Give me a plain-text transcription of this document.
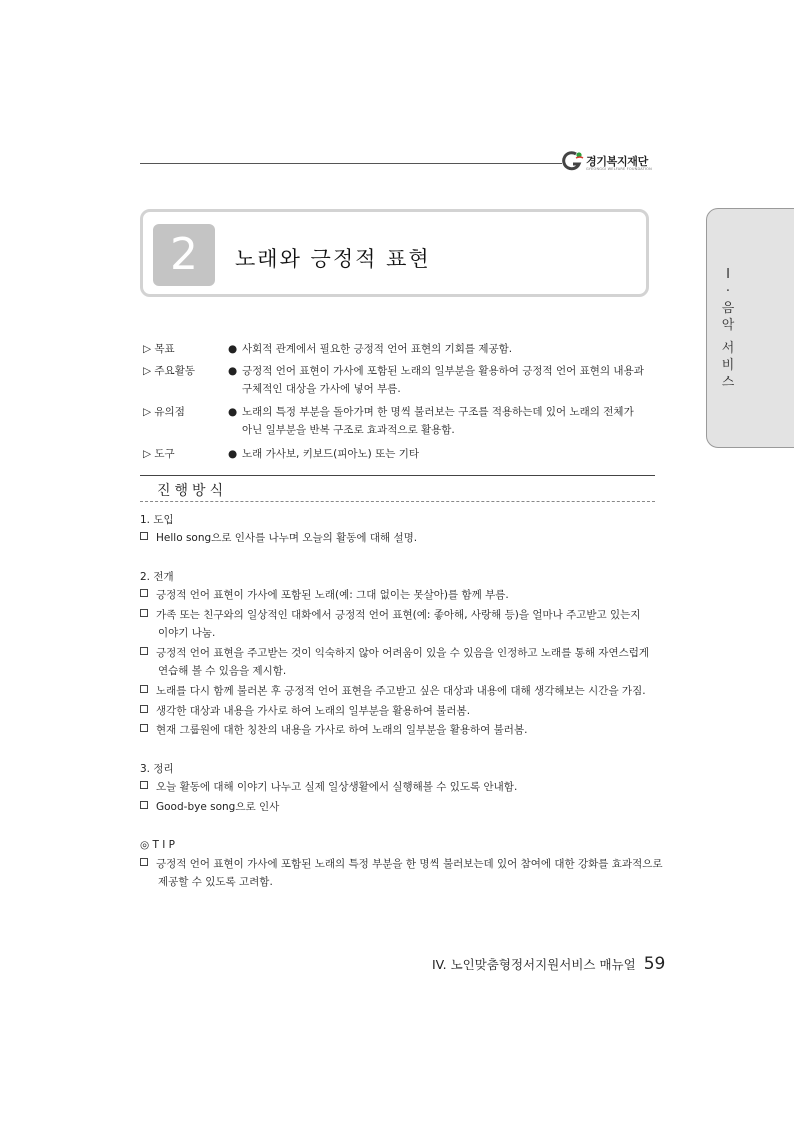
경기복지재단
GYEONGGI WELFARE FOUNDATION
Ⅰ
.
음
악
서
비
스
2	노래와 긍정적 표현
▷ 목표	● 사회적 관계에서 필요한 긍정적 언어 표현의 기회를 제공함.
▷ 주요활동	● 긍정적 언어 표현이 가사에 포함된 노래의 일부분을 활용하여 긍정적 언어 표현의 내용과
구체적인 대상을 가사에 넣어 부름.
▷ 유의점	● 노래의 특정 부분을 돌아가며 한 명씩 불러보는 구조를 적용하는데 있어 노래의 전체가
아닌 일부분을 반복 구조로 효과적으로 활용함.
▷ 도구	● 노래 가사보, 키보드(피아노) 또는 기타
진행방식
1. 도입
Hello song으로 인사를 나누며 오늘의 활동에 대해 설명.
2. 전개
긍정적 언어 표현이 가사에 포함된 노래(예: 그대 없이는 못살아)를 함께 부름.
가족 또는 친구와의 일상적인 대화에서 긍정적 언어 표현(예: 좋아해, 사랑해 등)을 얼마나 주고받고 있는지
이야기 나눔.
긍정적 언어 표현을 주고받는 것이 익숙하지 않아 어려움이 있을 수 있음을 인정하고 노래를 통해 자연스럽게
연습해 볼 수 있음을 제시함.
노래를 다시 함께 불러본 후 긍정적 언어 표현을 주고받고 싶은 대상과 내용에 대해 생각해보는 시간을 가짐.
생각한 대상과 내용을 가사로 하여 노래의 일부분을 활용하여 불러봄.
현재 그룹원에 대한 칭찬의 내용을 가사로 하여 노래의 일부분을 활용하여 불러봄.
3. 정리
오늘 활동에 대해 이야기 나누고 실제 일상생활에서 실행해볼 수 있도록 안내함.
Good-bye song으로 인사
◎ T I P
긍정적 언어 표현이 가사에 포함된 노래의 특정 부분을 한 명씩 불러보는데 있어 참여에 대한 강화를 효과적으로
제공할 수 있도록 고려함.
IV. 노인맞춤형정서지원서비스 매뉴얼 59
